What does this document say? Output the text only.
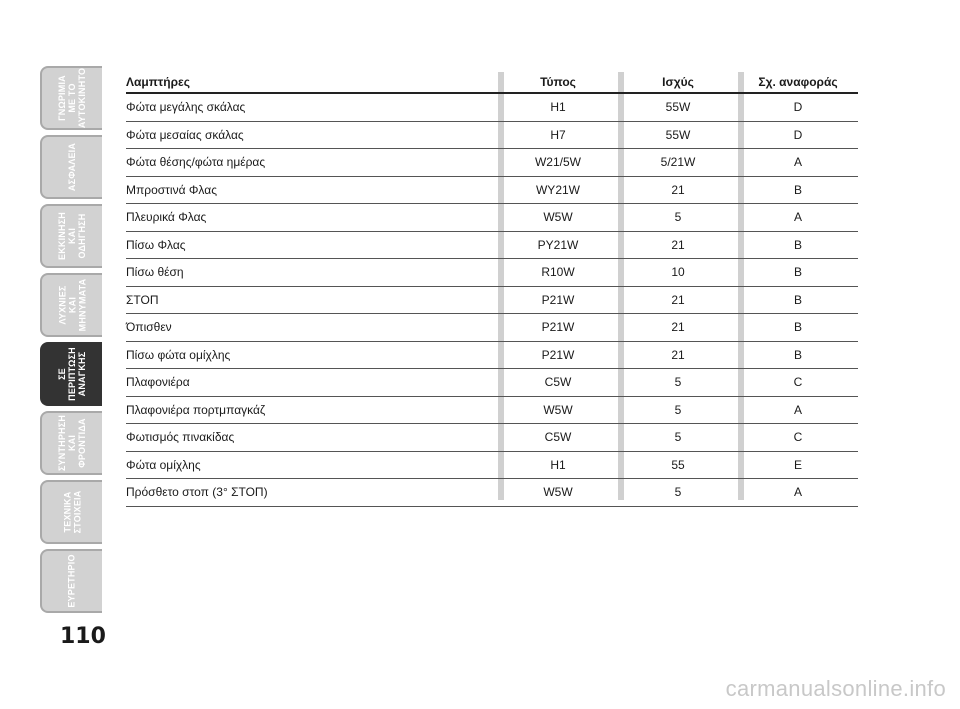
ΓΝΩΡΙΜΙΑ
ΜΕ ΤΟ
ΑΥΤΟΚΙΝΗΤΟ
ΑΣΦΑΛΕΙΑ
ΕΚΚΙΝΗΣΗ
ΚΑΙ
ΟΔΗΓΗΣΗ
ΛΥΧΝΙΕΣ
ΚΑΙ
ΜΗΝΥΜΑΤΑ
ΣΕ
ΠΕΡΙΠΤΩΣΗ
ΑΝΑΓΚΗΣ
ΣΥΝΤΗΡΗΣΗ
ΚΑΙ
ΦΡΟΝΤΙΔΑ
ΤΕΧΝΙΚΑ
ΣΤΟΙΧΕΙΑ
ΕΥΡΕΤΗΡΙΟ
110
Λαμπτήρες	Τύπος	Ισχύς	Σχ. αναφοράς
Φώτα μεγάλης σκάλας	H1	55W	D
Φώτα μεσαίας σκάλας	H7	55W	D
Φώτα θέσης/φώτα ημέρας	W21/5W	5/21W	A
Μπροστινά Φλας	WY21W	21	B
Πλευρικά Φλας	W5W	5	A
Πίσω Φλας	PY21W	21	B
Πίσω θέση	R10W	10	B
ΣΤΟΠ	P21W	21	B
Όπισθεν	P21W	21	B
Πίσω φώτα ομίχλης	P21W	21	B
Πλαφονιέρα	C5W	5	C
Πλαφονιέρα πορτμπαγκάζ	W5W	5	A
Φωτισμός πινακίδας	C5W	5	C
Φώτα ομίχλης	H1	55	E
Πρόσθετο στοπ (3° ΣΤΟΠ)	W5W	5	A
carmanualsonline.info
